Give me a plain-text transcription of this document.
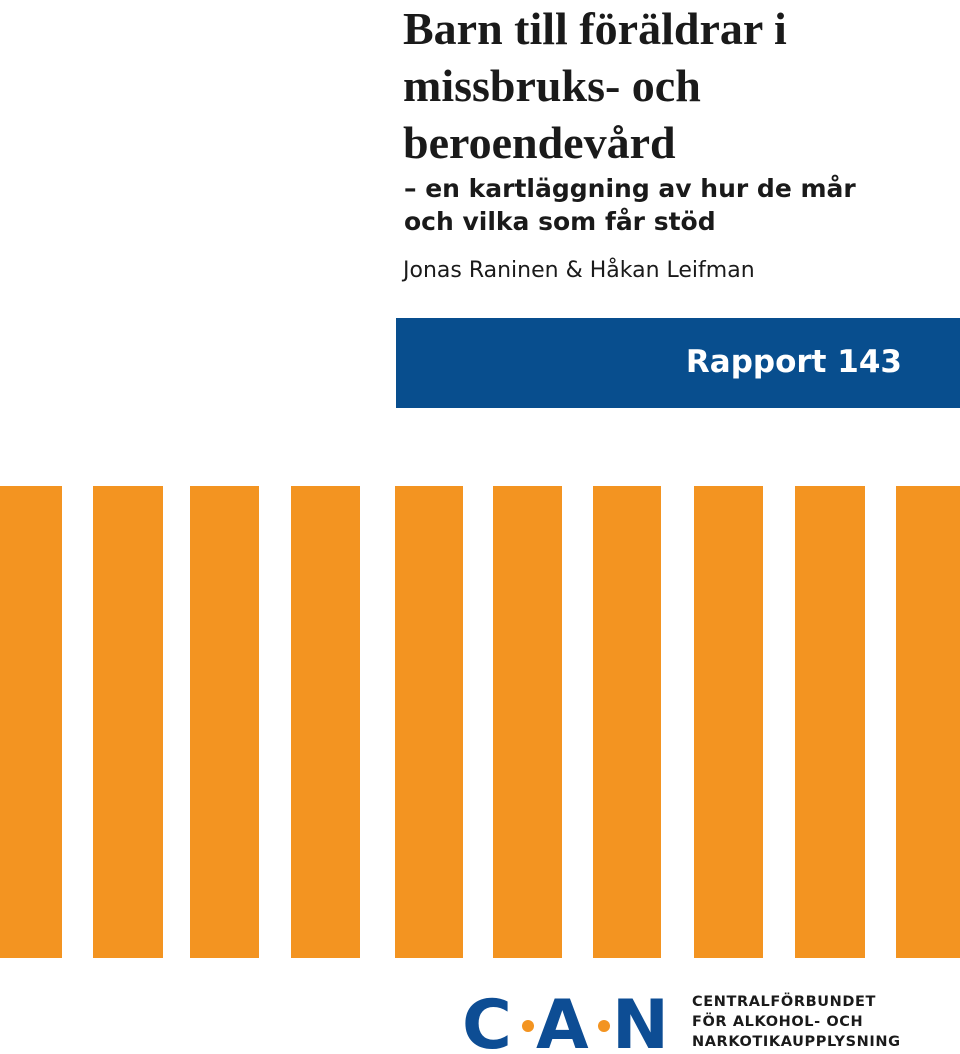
Barn till föräldrar i
missbruks- och
beroendevård
– en kartläggning av hur de mår
och vilka som får stöd
Jonas Raninen & Håkan Leifman
Rapport 143
C A N CENTRALFÖRBUNDET
FÖR ALKOHOL- OCH
NARKOTIKAUPPLYSNING
